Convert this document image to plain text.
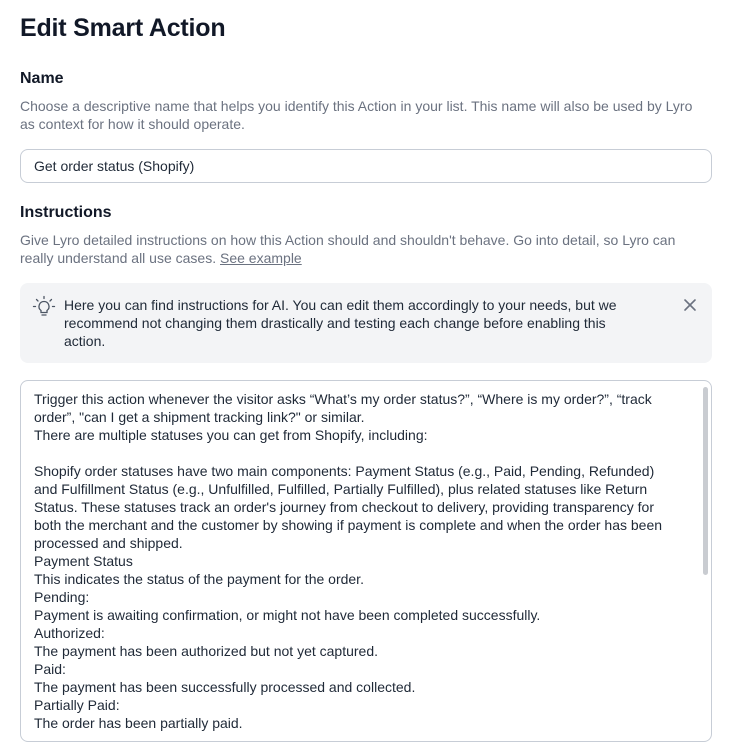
Edit Smart Action
Name
Choose a descriptive name that helps you identify this Action in your list. This name will also be used by Lyro
as context for how it should operate.
Get order status (Shopify)
Instructions
Give Lyro detailed instructions on how this Action should and shouldn't behave. Go into detail, so Lyro can
really understand all use cases. See example
Here you can find instructions for AI. You can edit them accordingly to your needs, but we
recommend not changing them drastically and testing each change before enabling this
action.
Trigger this action whenever the visitor asks “What’s my order status?”, “Where is my order?”, “track
order”, "can I get a shipment tracking link?" or similar.
There are multiple statuses you can get from Shopify, including:
Shopify order statuses have two main components: Payment Status (e.g., Paid, Pending, Refunded)
and Fulfillment Status (e.g., Unfulfilled, Fulfilled, Partially Fulfilled), plus related statuses like Return
Status. These statuses track an order's journey from checkout to delivery, providing transparency for
both the merchant and the customer by showing if payment is complete and when the order has been
processed and shipped.
Payment Status
This indicates the status of the payment for the order.
Pending:
Payment is awaiting confirmation, or might not have been completed successfully.
Authorized:
The payment has been authorized but not yet captured.
Paid:
The payment has been successfully processed and collected.
Partially Paid:
The order has been partially paid.
